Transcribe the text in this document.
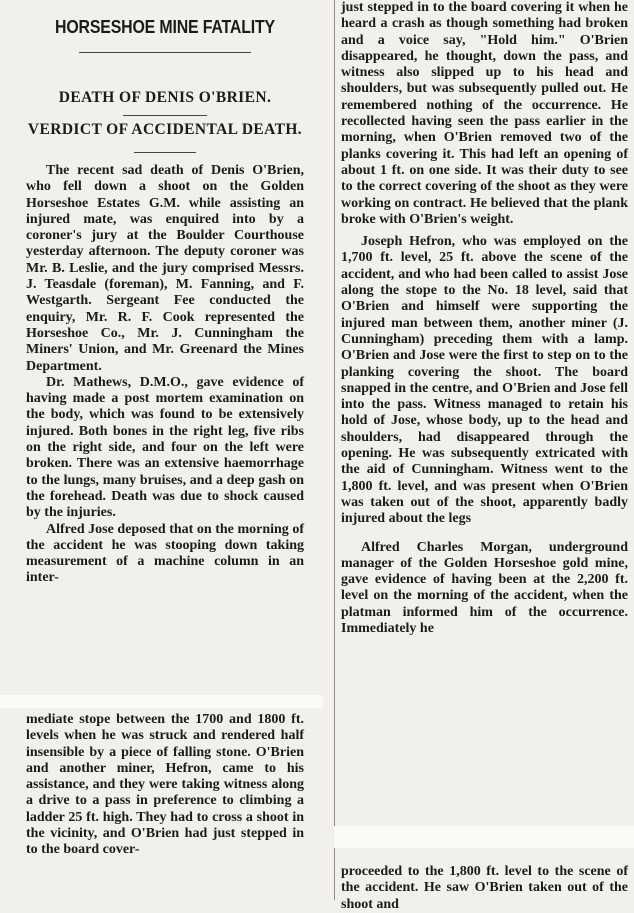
HORSESHOE MINE FATALITY
DEATH OF DENIS O'BRIEN.
VERDICT OF ACCIDENTAL DEATH.

The recent sad death of Denis O'Brien, who fell down a shoot on the Golden Horseshoe Estates G.M. while assisting an injured mate, was enquired into by a coroner's jury at the Boulder Courthouse yesterday afternoon. The deputy coroner was Mr. B. Leslie, and the jury comprised Messrs. J. Teasdale (foreman), M. Fanning, and F. Westgarth. Sergeant Fee conducted the enquiry, Mr. R. F. Cook represented the Horseshoe Co., Mr. J. Cunningham the Miners' Union, and Mr. Greenard the Mines Department.

Dr. Mathews, D.M.O., gave evidence of having made a post mortem examination on the body, which was found to be extensively injured. Both bones in the right leg, five ribs on the right side, and four on the left were broken. There was an extensive haemorrhage to the lungs, many bruises, and a deep gash on the forehead. Death was due to shock caused by the injuries.

Alfred Jose deposed that on the morning of the accident he was stooping down taking measurement of a machine column in an inter-

mediate stope between the 1700 and 1800 ft. levels when he was struck and rendered half insensible by a piece of falling stone. O'Brien and another miner, Hefron, came to his assistance, and they were taking witness along a drive to a pass in preference to climbing a ladder 25 ft. high. They had to cross a shoot in the vicinity, and O'Brien had just stepped in to the board cover-

just stepped in to the board covering it when he heard a crash as though something had broken and a voice say, "Hold him." O'Brien disappeared, he thought, down the pass, and witness also slipped up to his head and shoulders, but was subsequently pulled out. He remembered nothing of the occurrence. He recollected having seen the pass earlier in the morning, when O'Brien removed two of the planks covering it. This had left an opening of about 1 ft. on one side. It was their duty to see to the correct covering of the shoot as they were working on contract. He believed that the plank broke with O'Brien's weight.

Joseph Hefron, who was employed on the 1,700 ft. level, 25 ft. above the scene of the accident, and who had been called to assist Jose along the stope to the No. 18 level, said that O'Brien and himself were supporting the injured man between them, another miner (J. Cunningham) preceding them with a lamp. O'Brien and Jose were the first to step on to the planking covering the shoot. The board snapped in the centre, and O'Brien and Jose fell into the pass. Witness managed to retain his hold of Jose, whose body, up to the head and shoulders, had disappeared through the opening. He was subsequently extricated with the aid of Cunningham. Witness went to the 1,800 ft. level, and was present when O'Brien was taken out of the shoot, apparently badly injured about the legs

Alfred Charles Morgan, underground manager of the Golden Horseshoe gold mine, gave evidence of having been at the 2,200 ft. level on the morning of the accident, when the platman informed him of the occurrence. Immediately he

proceeded to the 1,800 ft. level to the scene of the accident. He saw O'Brien taken out of the shoot and
